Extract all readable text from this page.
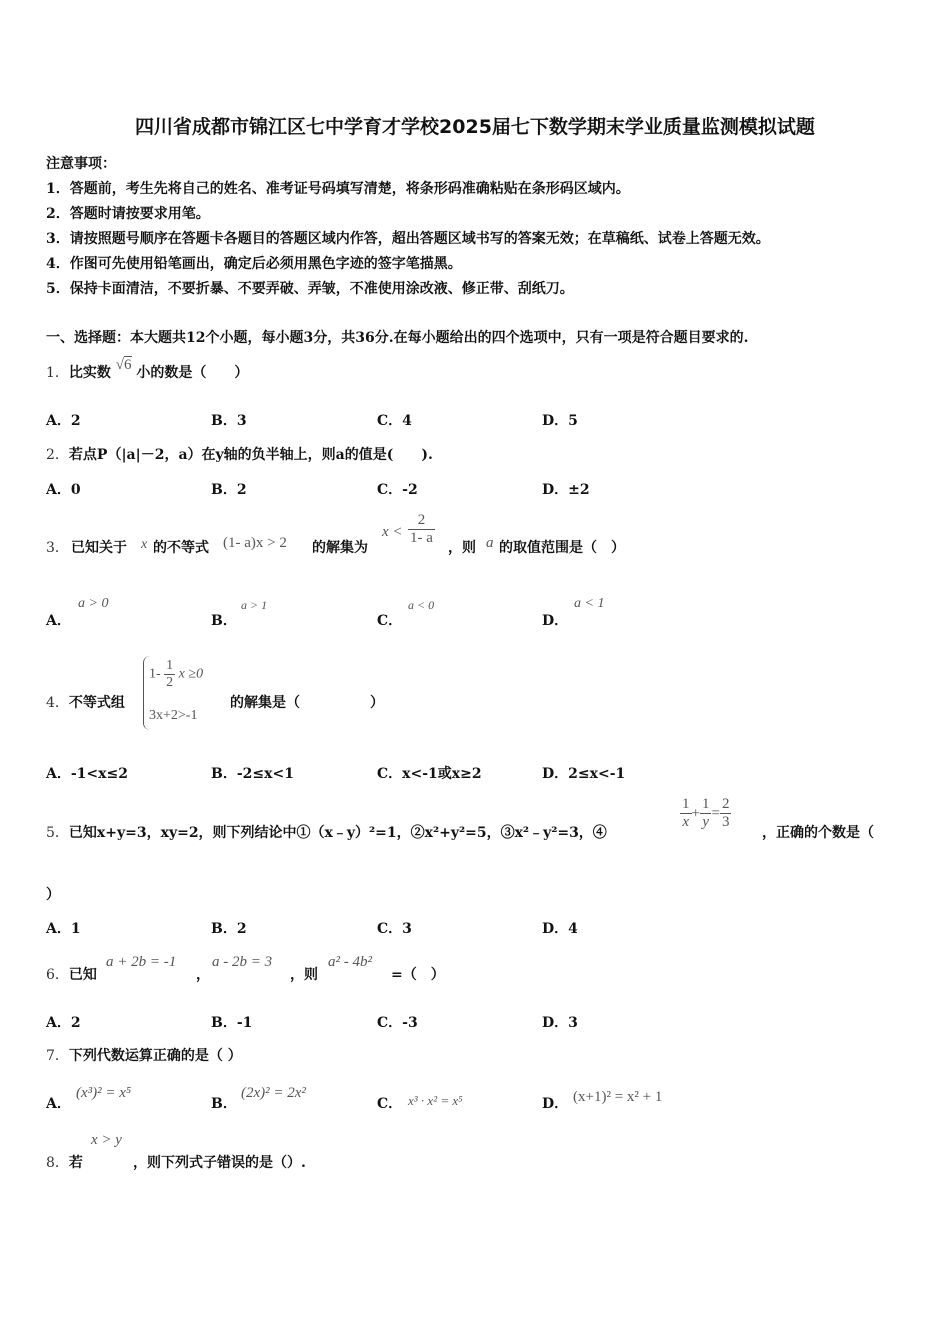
四川省成都市锦江区七中学育才学校2025届七下数学期末学业质量监测模拟试题
注意事项：
1．答题前，考生先将自己的姓名、准考证号码填写清楚，将条形码准确粘贴在条形码区域内。
2．答题时请按要求用笔。
3．请按照题号顺序在答题卡各题目的答题区域内作答，超出答题区域书写的答案无效；在草稿纸、试卷上答题无效。
4．作图可先使用铅笔画出，确定后必须用黑色字迹的签字笔描黑。
5．保持卡面清洁，不要折暴、不要弄破、弄皱，不准使用涂改液、修正带、刮纸刀。
一、选择题：本大题共12个小题，每小题3分，共36分.在每小题给出的四个选项中，只有一项是符合题目要求的.
1．比实数 √6 小的数是（　　）
A．2	B．3	C．4	D．5
2．若点P（|a|－2，a）在y轴的负半轴上，则a的值是(　　).
A．0	B．2	C．-2	D．±2
3． 已知关于 x 的不等式 (1- a)x > 2 的解集为
$x < \frac{2}{1- a}$
，则 a 的取值范围是（　）
A．
a > 0
B．
a > 1
C．
a < 0
D．
a < 1
4．不等式组
$1- \frac{1}{2}$ x ≥0
3x+2>-1
的解集是（　　　　　）
A．-1<x≤2	B．-2≤x<1	C．x<-1或x≥2	D．2≤x<-1
5．已知x+y=3，xy=2，则下列结论中①（x﹣y）²=1，②x²+y²=5，③x²﹣y²=3，④
$\frac{1}{x} + \frac{1}{y} = \frac{2}{3}$
，正确的个数是（
）
A．1	B．2	C．3	D．4
6．已知
a + 2b = -1
，
a - 2b = 3
，则
a² - 4b²
=（　）
A．2	B．-1	C．-3	D．3
7．下列代数运算正确的是（ ）
A．
(x³)² = x⁵
B．
(2x)² = 2x²
C． x³ · x² = x⁵	D． (x+1)² = x² + 1
x > y
8．若	，则下列式子错误的是（）.
